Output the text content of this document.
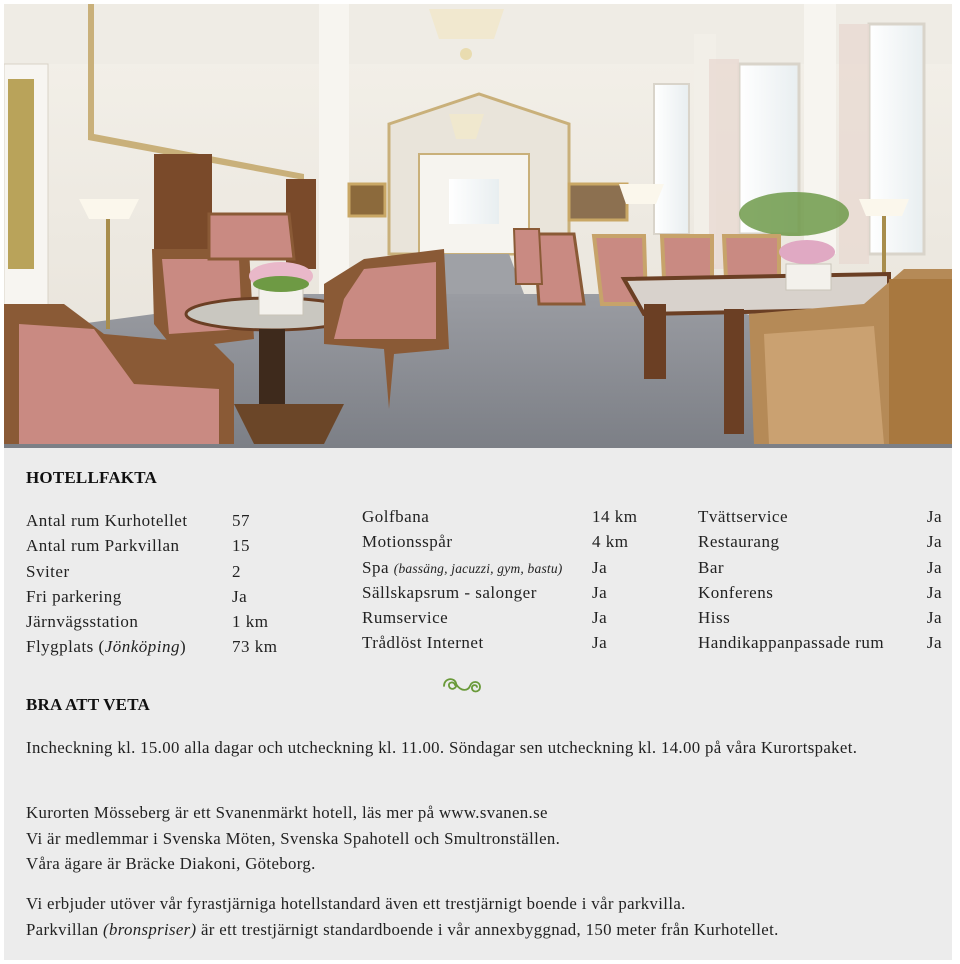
HOTELLFAKTA
Antal rum Kurhotellet	57
Antal rum Parkvillan	15
Sviter	2
Fri parkering	Ja
Järnvägsstation	1 km
Flygplats (Jönköping)	73 km
Golfbana	14 km
Motionsspår	4 km
Spa (bassäng, jacuzzi, gym, bastu) Ja
Sällskapsrum - salonger	Ja
Rumservice	Ja
Trådlöst Internet	Ja
Tvättservice	Ja
Restaurang	Ja
Bar	Ja
Konferens	Ja
Hiss	Ja
Handikappanpassade rum	Ja
BRA ATT VETA
Incheckning kl. 15.00 alla dagar och utcheckning kl. 11.00. Söndagar sen utcheckning kl. 14.00 på våra Kurortspaket.
Kurorten Mösseberg är ett Svanenmärkt hotell, läs mer på www.svanen.se
Vi är medlemmar i Svenska Möten, Svenska Spahotell och Smultronställen.
Våra ägare är Bräcke Diakoni, Göteborg.
Vi erbjuder utöver vår fyrastjärniga hotellstandard även ett trestjärnigt boende i vår parkvilla.
Parkvillan (bronspriser) är ett trestjärnigt standardboende i vår annexbyggnad, 150 meter från Kurhotellet.
